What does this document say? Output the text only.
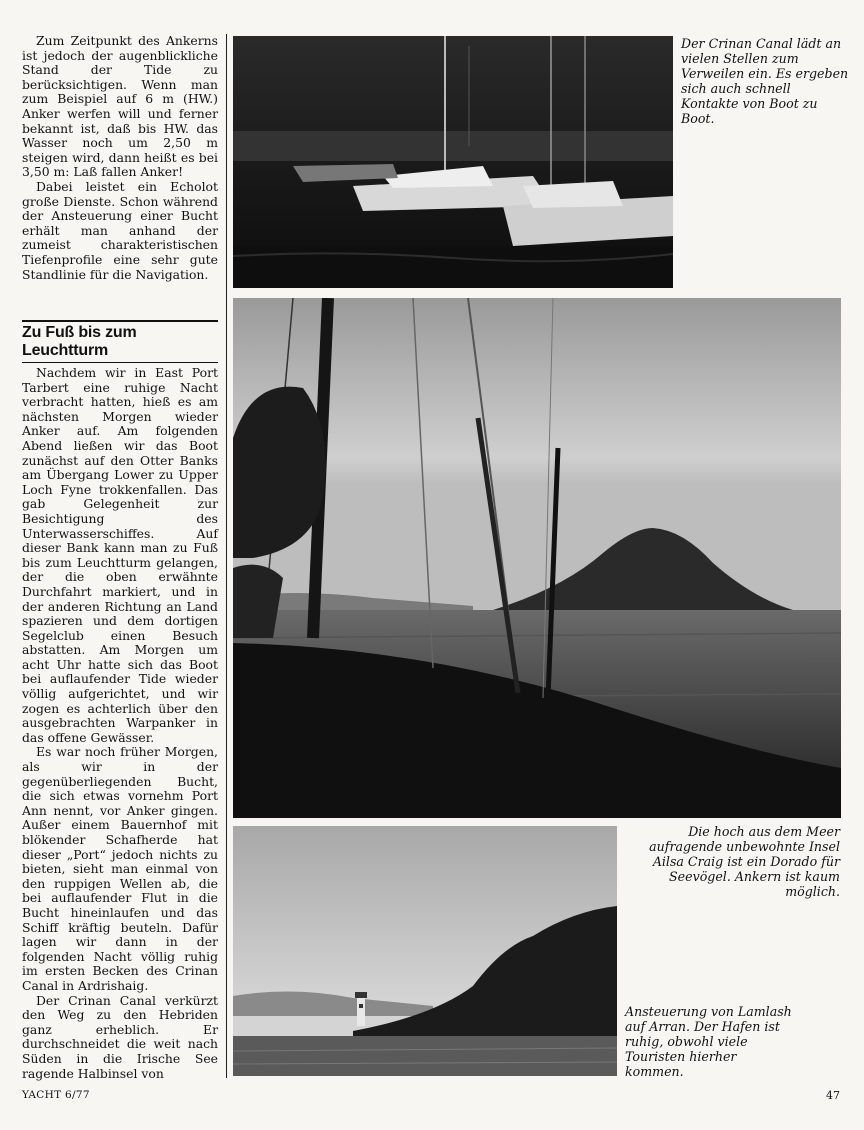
Zum Zeitpunkt des Ankerns ist jedoch der augenblickliche Stand der Tide zu berücksichtigen. Wenn man zum Beispiel auf 6 m (HW.) Anker werfen will und ferner bekannt ist, daß bis HW. das Wasser noch um 2,50 m steigen wird, dann heißt es bei 3,50 m: Laß fallen Anker!

Dabei leistet ein Echolot große Dienste. Schon während der Ansteuerung einer Bucht erhält man anhand der zumeist charakteristischen Tiefenprofile eine sehr gute Standlinie für die Navigation.

Zu Fuß bis zum Leuchtturm

Nachdem wir in East Port Tarbert eine ruhige Nacht verbracht hatten, hieß es am nächsten Morgen wieder Anker auf. Am folgenden Abend ließen wir das Boot zunächst auf den Otter Banks am Übergang Lower zu Upper Loch Fyne trokkenfallen. Das gab Gelegenheit zur Besichtigung des Unterwasserschiffes. Auf dieser Bank kann man zu Fuß bis zum Leuchtturm gelangen, der die oben erwähnte Durchfahrt markiert, und in der anderen Richtung an Land spazieren und dem dortigen Segelclub einen Besuch abstatten. Am Morgen um acht Uhr hatte sich das Boot bei auflaufender Tide wieder völlig aufgerichtet, und wir zogen es achterlich über den ausgebrachten Warpanker in das offene Gewässer.

Es war noch früher Morgen, als wir in der gegenüberliegenden Bucht, die sich etwas vornehm Port Ann nennt, vor Anker gingen. Außer einem Bauernhof mit blökender Schafherde hat dieser „Port“ jedoch nichts zu bieten, sieht man einmal von den ruppigen Wellen ab, die bei auflaufender Flut in die Bucht hineinlaufen und das Schiff kräftig beuteln. Dafür lagen wir dann in der folgenden Nacht völlig ruhig im ersten Becken des Crinan Canal in Ardrishaig.

Der Crinan Canal verkürzt den Weg zu den Hebriden ganz erheblich. Er durchschneidet die weit nach Süden in die Irische See ragende Halbinsel von

Der Crinan Canal lädt an vielen Stellen zum Verweilen ein. Es ergeben sich auch schnell Kontakte von Boot zu Boot.
Die hoch aus dem Meer aufragende unbewohnte Insel Ailsa Craig ist ein Dorado für Seevögel. Ankern ist kaum möglich.
Ansteuerung von Lamlash auf Arran. Der Hafen ist ruhig, obwohl viele Touristen hierher kommen.
YACHT 6/77	47
